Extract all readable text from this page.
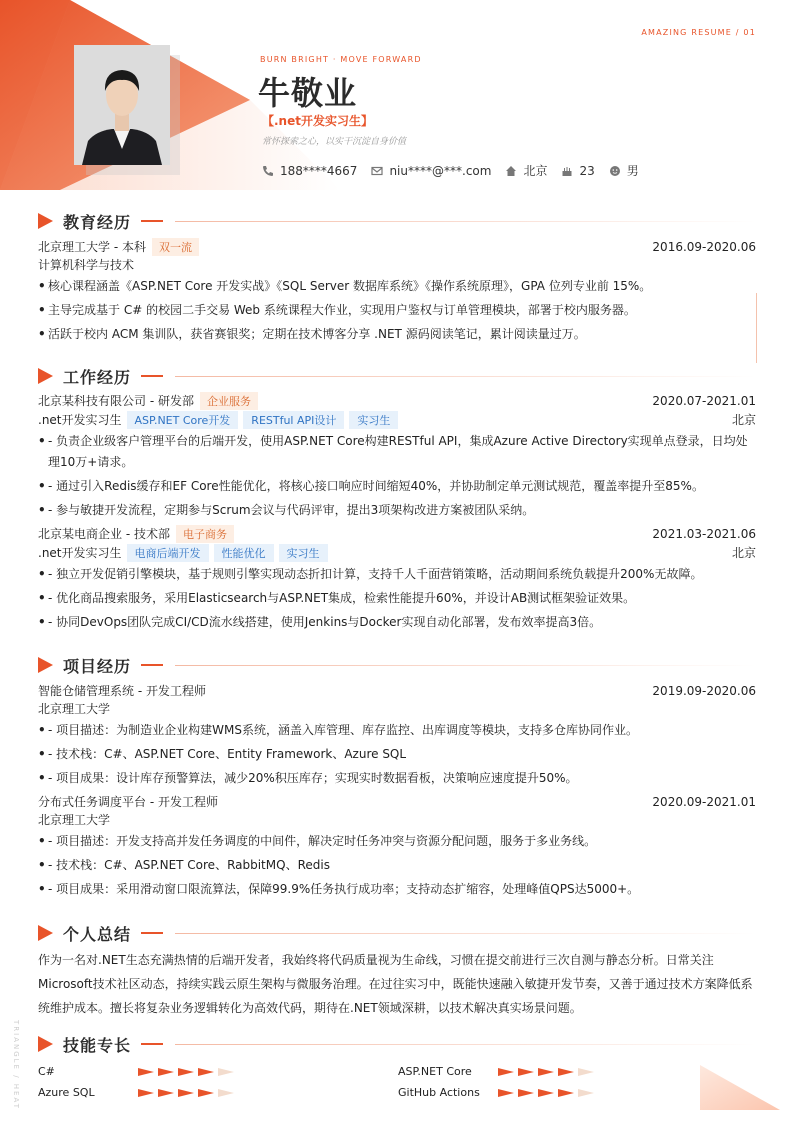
AMAZING RESUME / 01
BURN BRIGHT · MOVE FORWARD
牛敬业
【.net开发实习生】
常怀探索之心，以实干沉淀自身价值
188****4667	niu****@***.com	北京	23	男
教育经历
北京理工大学 - 本科	双一流	2016.09-2020.06
计算机科学与技术
• 核心课程涵盖《ASP.NET Core 开发实战》《SQL Server 数据库系统》《操作系统原理》，GPA 位列专业前 15%。
• 主导完成基于 C# 的校园二手交易 Web 系统课程大作业，实现用户鉴权与订单管理模块，部署于校内服务器。
• 活跃于校内 ACM 集训队，获省赛银奖；定期在技术博客分享 .NET 源码阅读笔记，累计阅读量过万。
工作经历
北京某科技有限公司 - 研发部	企业服务	2020.07-2021.01
.net开发实习生	ASP.NET Core开发	RESTful API设计	实习生	北京
• - 负责企业级客户管理平台的后端开发，使用ASP.NET Core构建RESTful API，集成Azure Active Directory实现单点登录，日均处理10万+请求。
• - 通过引入Redis缓存和EF Core性能优化，将核心接口响应时间缩短40%，并协助制定单元测试规范，覆盖率提升至85%。
• - 参与敏捷开发流程，定期参与Scrum会议与代码评审，提出3项架构改进方案被团队采纳。
北京某电商企业 - 技术部	电子商务	2021.03-2021.06
.net开发实习生	电商后端开发	性能优化	实习生	北京
• - 独立开发促销引擎模块，基于规则引擎实现动态折扣计算，支持千人千面营销策略，活动期间系统负载提升200%无故障。
• - 优化商品搜索服务，采用Elasticsearch与ASP.NET集成，检索性能提升60%，并设计AB测试框架验证效果。
• - 协同DevOps团队完成CI/CD流水线搭建，使用Jenkins与Docker实现自动化部署，发布效率提高3倍。
项目经历
智能仓储管理系统 - 开发工程师	2019.09-2020.06
北京理工大学
• - 项目描述：为制造业企业构建WMS系统，涵盖入库管理、库存监控、出库调度等模块，支持多仓库协同作业。
• - 技术栈：C#、ASP.NET Core、Entity Framework、Azure SQL
• - 项目成果：设计库存预警算法，减少20%积压库存；实现实时数据看板，决策响应速度提升50%。
分布式任务调度平台 - 开发工程师	2020.09-2021.01
北京理工大学
• - 项目描述：开发支持高并发任务调度的中间件，解决定时任务冲突与资源分配问题，服务于多业务线。
• - 技术栈：C#、ASP.NET Core、RabbitMQ、Redis
• - 项目成果：采用滑动窗口限流算法，保障99.9%任务执行成功率；支持动态扩缩容，处理峰值QPS达5000+。
个人总结
作为一名对.NET生态充满热情的后端开发者，我始终将代码质量视为生命线，习惯在提交前进行三次自测与静态分析。日常关注Microsoft技术社区动态，持续实践云原生架构与微服务治理。在过往实习中，既能快速融入敏捷开发节奏，又善于通过技术方案降低系统维护成本。擅长将复杂业务逻辑转化为高效代码，期待在.NET领域深耕，以技术解决真实场景问题。
技能专长
C#	ASP.NET Core
Azure SQL	GitHub Actions
TRIANGLE / HEAT
